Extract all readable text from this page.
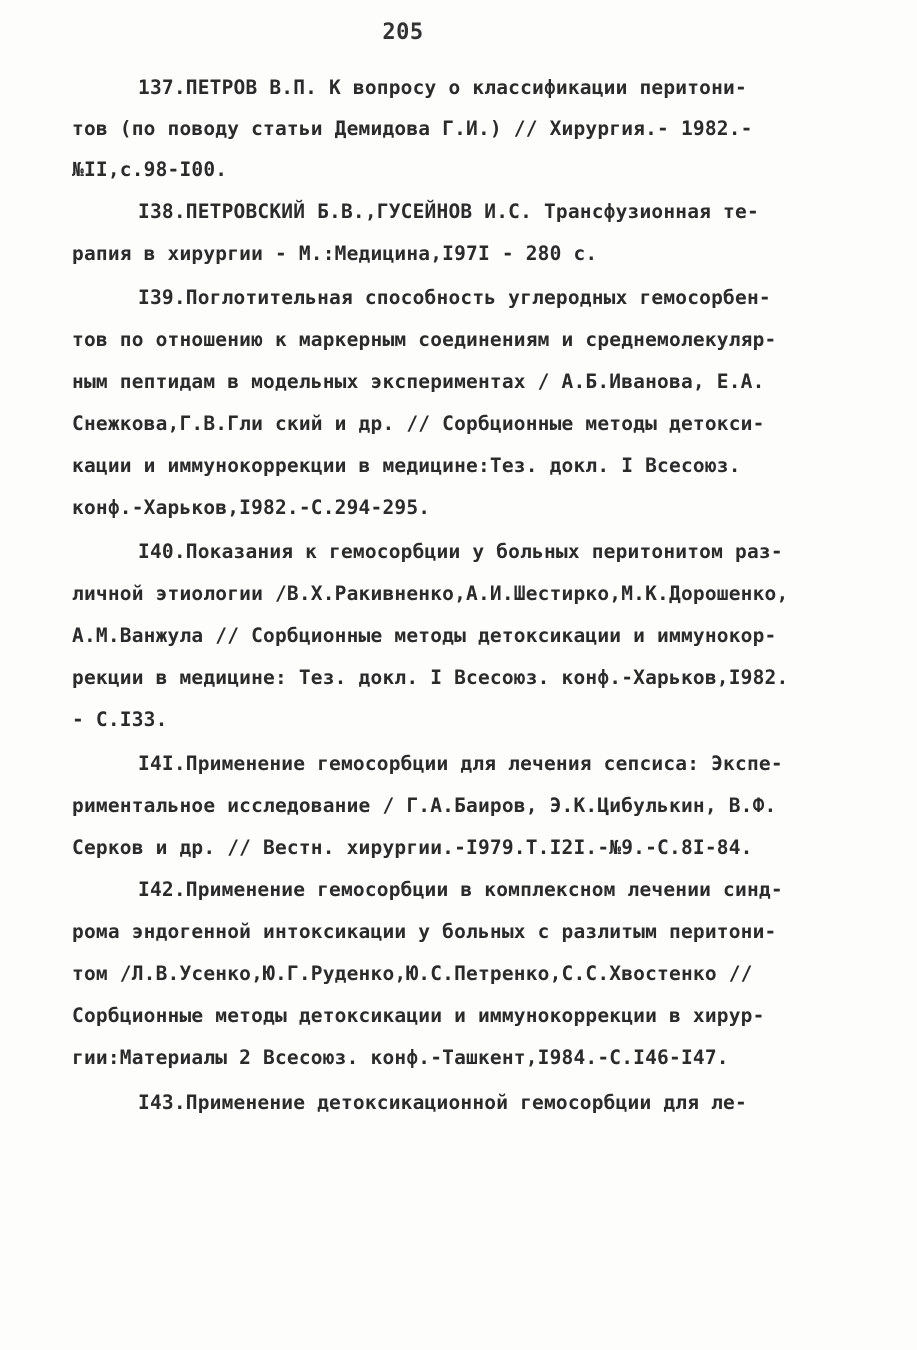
205
137.ПЕТРОВ В.П. К вопросу о классификации перитони-
тов (по поводу статьи Демидова Г.И.) // Хирургия.- 1982.-
№II,с.98-I00.
I38.ПЕТРОВСКИЙ Б.В.,ГУСЕЙНОВ И.С. Трансфузионная те-
рапия в хирургии - М.:Медицина,I97I - 280 с.
I39.Поглотительная способность углеродных гемосорбен-
тов по отношению к маркерным соединениям и среднемолекуляр-
ным пептидам в модельных экспериментах / А.Б.Иванова, Е.А.
Снежкова,Г.В.Гли ский и др. // Сорбционные методы детокси-
кации и иммунокоррекции в медицине:Тез. докл. I Всесоюз.
конф.-Харьков,I982.-С.294-295.
I40.Показания к гемосорбции у больных перитонитом раз-
личной этиологии /В.Х.Ракивненко,А.И.Шестирко,М.К.Дорошенко,
А.М.Ванжула // Сорбционные методы детоксикации и иммунокор-
рекции в медицине: Тез. докл. I Всесоюз. конф.-Харьков,I982.
- С.I33.
I4I.Применение гемосорбции для лечения сепсиса: Экспе-
риментальное исследование / Г.А.Баиров, Э.К.Цибулькин, В.Ф.
Серков и др. // Вестн. хирургии.-I979.Т.I2I.-№9.-С.8I-84.
I42.Применение гемосорбции в комплексном лечении синд-
рома эндогенной интоксикации у больных с разлитым перитони-
том /Л.В.Усенко,Ю.Г.Руденко,Ю.С.Петренко,С.С.Хвостенко //
Сорбционные методы детоксикации и иммунокоррекции в хирур-
гии:Материалы 2 Всесоюз. конф.-Ташкент,I984.-С.I46-I47.
I43.Применение детоксикационной гемосорбции для ле-
